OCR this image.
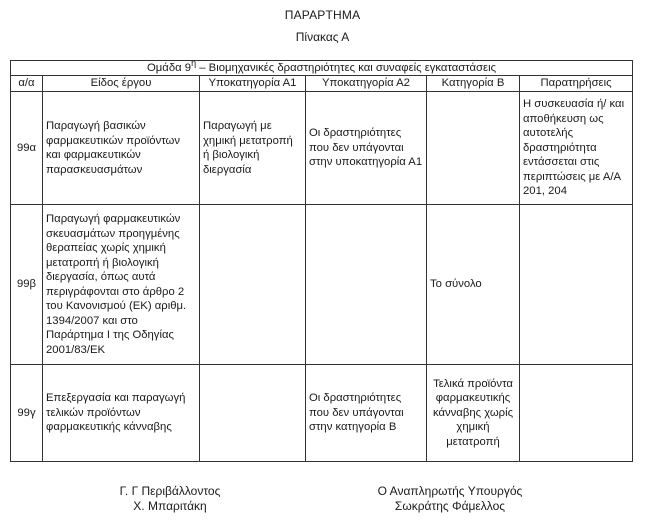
ΠΑΡΑΡΤΗΜΑ
Πίνακας Α
Ομάδα $9^\eta$ – Βιομηχανικές δραστηριότητες και συναφείς εγκαταστάσεις					
α/α	Είδος έργου	Υποκατηγορία Α1	Υποκατηγορία Α2	Κατηγορία Β	Παρατηρήσεις
99α	Παραγωγή βασικών φαρμακευτικών προϊόντων και φαρμακευτικών παρασκευασμάτων	Παραγωγή με χημική μετατροπή ή βιολογική διεργασία	Οι δραστηριότητες που δεν υπάγονται στην υποκατηγορία Α1		Η συσκευασία ή/ και αποθήκευση ως αυτοτελής δραστηριότητα εντάσσεται στις περιπτώσεις με Α/Α 201, 204
99β	Παραγωγή φαρμακευτικών σκευασμάτων προηγμένης θεραπείας χωρίς χημική μετατροπή ή βιολογική διεργασία, όπως αυτά περιγράφονται στο άρθρο 2 του Κανονισμού (ΕΚ) αριθμ. 1394/2007 και στο Παράρτημα Ι της Οδηγίας 2001/83/ΕΚ			Το σύνολο	
99γ	Επεξεργασία και παραγωγή τελικών προϊόντων φαρμακευτικής κάνναβης		Οι δραστηριότητες που δεν υπάγονται στην κατηγορία Β	Τελικά προϊόντα φαρμακευτικής κάνναβης χωρίς χημική μετατροπή	
Γ. Γ Περιβάλλοντος
Χ. Μπαριτάκη
Ο Αναπληρωτής Υπουργός
Σωκράτης Φάμελλος
